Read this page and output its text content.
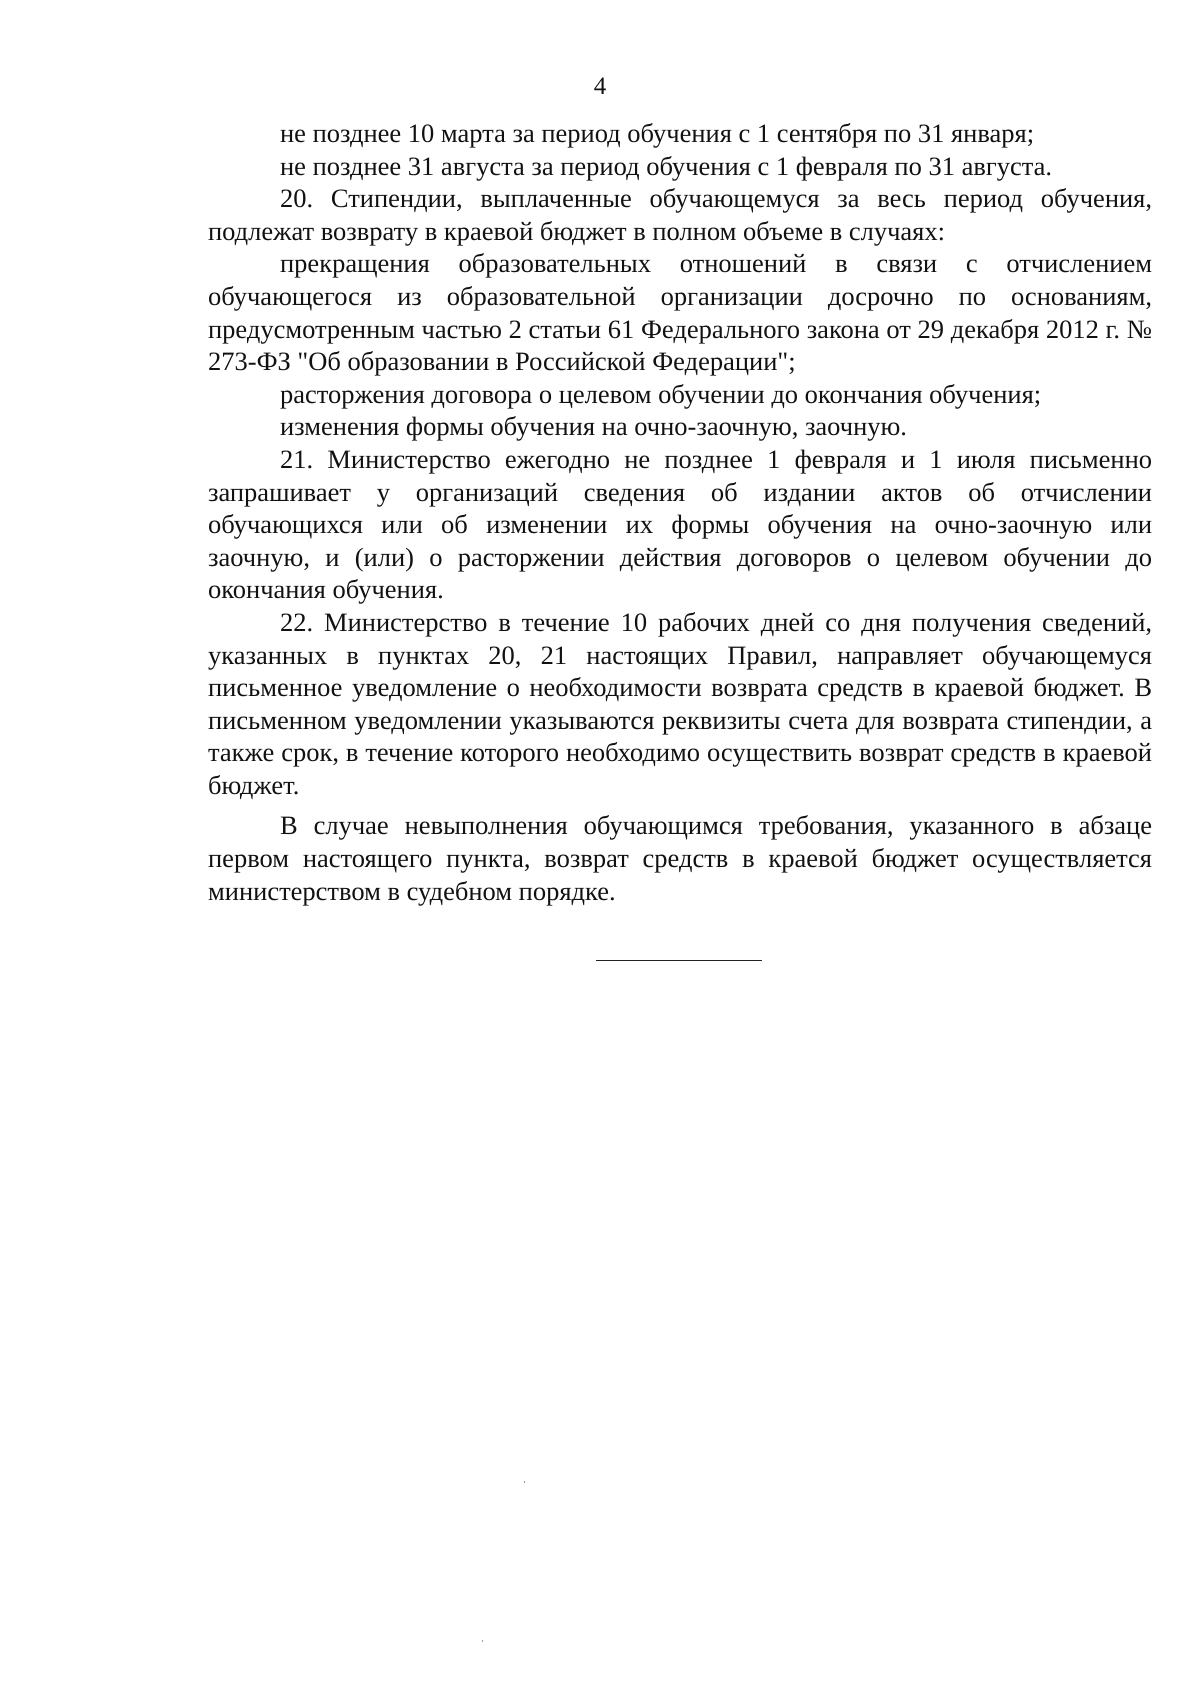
4

не позднее 10 марта за период обучения с 1 сентября по 31 января;

не позднее 31 августа за период обучения с 1 февраля по 31 августа.

20. Стипендии, выплаченные обучающемуся за весь период обучения, подлежат возврату в краевой бюджет в полном объеме в случаях:

прекращения образовательных отношений в связи с отчислением обучающегося из образовательной организации досрочно по основаниям, предусмотренным частью 2 статьи 61 Федерального закона от 29 декабря 2012 г. № 273-ФЗ "Об образовании в Российской Федерации";

расторжения договора о целевом обучении до окончания обучения;

изменения формы обучения на очно-заочную, заочную.

21. Министерство ежегодно не позднее 1 февраля и 1 июля письменно запрашивает у организаций сведения об издании актов об отчислении обучающихся или об изменении их формы обучения на очно-заочную или заочную, и (или) о расторжении действия договоров о целевом обучении до окончания обучения.

22. Министерство в течение 10 рабочих дней со дня получения сведений, указанных в пунктах 20, 21 настоящих Правил, направляет обучающемуся письменное уведомление о необходимости возврата средств в краевой бюджет. В письменном уведомлении указываются реквизиты счета для возврата стипендии, а также срок, в течение которого необходимо осуществить возврат средств в краевой бюджет.

В случае невыполнения обучающимся требования, указанного в абзаце первом настоящего пункта, возврат средств в краевой бюджет осуществляется министерством в судебном порядке.
